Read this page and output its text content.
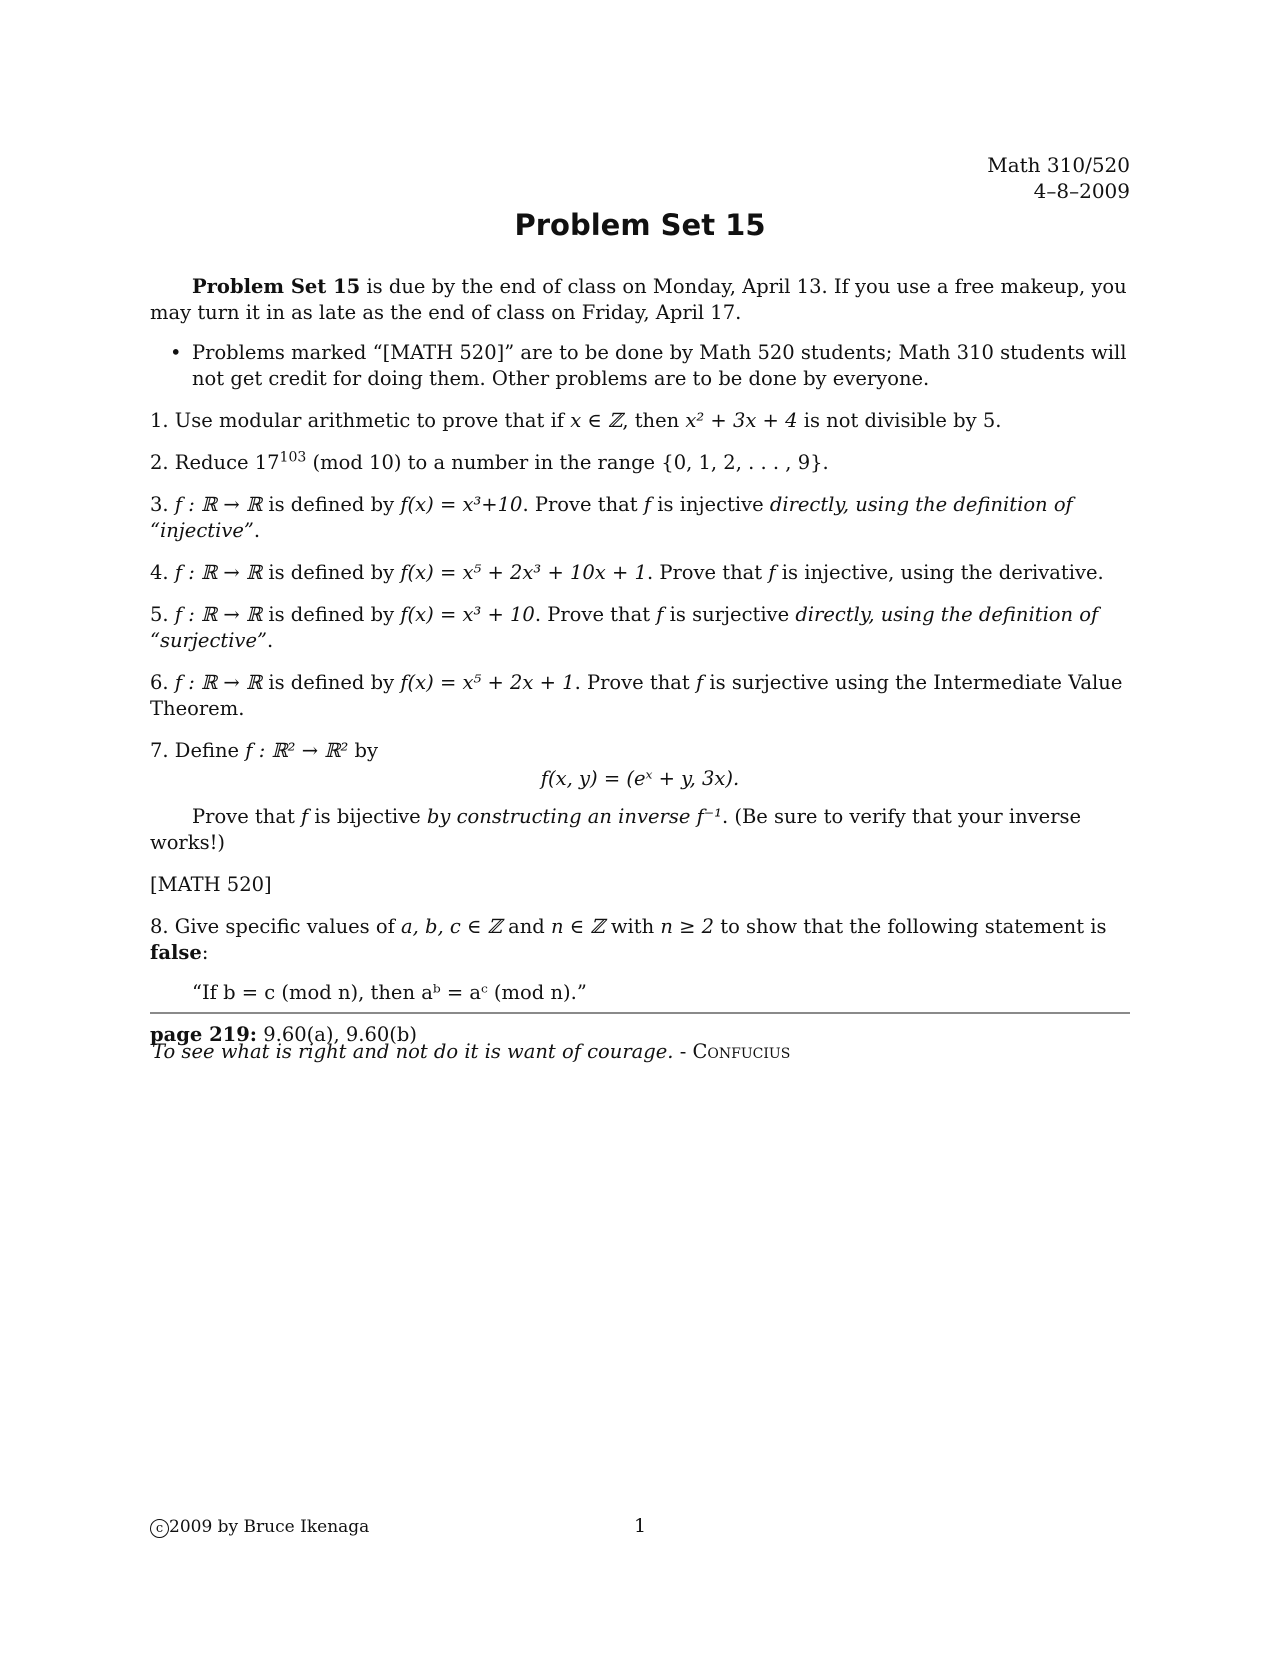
Math 310/520
4–8–2009
Problem Set 15

Problem Set 15 is due by the end of class on Monday, April 13. If you use a free makeup, you may turn it in as late as the end of class on Friday, April 17.

• Problems marked “[MATH 520]” are to be done by Math 520 students; Math 310 students will not get credit for doing them. Other problems are to be done by everyone.
1. Use modular arithmetic to prove that if x ∈ ℤ, then x² + 3x + 4 is not divisible by 5.
2. Reduce $17^{103}$ (mod 10) to a number in the range {0, 1, 2, . . . , 9}.
3. f : ℝ → ℝ is defined by f(x) = x³+10. Prove that f is injective directly, using the definition of “injective”.
4. f : ℝ → ℝ is defined by f(x) = x⁵ + 2x³ + 10x + 1. Prove that f is injective, using the derivative.
5. f : ℝ → ℝ is defined by f(x) = x³ + 10. Prove that f is surjective directly, using the definition of “surjective”.
6. f : ℝ → ℝ is defined by f(x) = x⁵ + 2x + 1. Prove that f is surjective using the Intermediate Value Theorem.
7. Define f : ℝ² → ℝ² by
f(x, y) = (eˣ + y, 3x).
Prove that f is bijective by constructing an inverse f⁻¹. (Be sure to verify that your inverse works!)
[MATH 520]
8. Give specific values of a, b, c ∈ ℤ and n ∈ ℤ with n ≥ 2 to show that the following statement is false:
“If b = c (mod n), then aᵇ = aᶜ (mod n).”
page 219: 9.60(a), 9.60(b)
To see what is right and not do it is want of courage. - Confucius
c 2009 by Bruce Ikenaga	1
